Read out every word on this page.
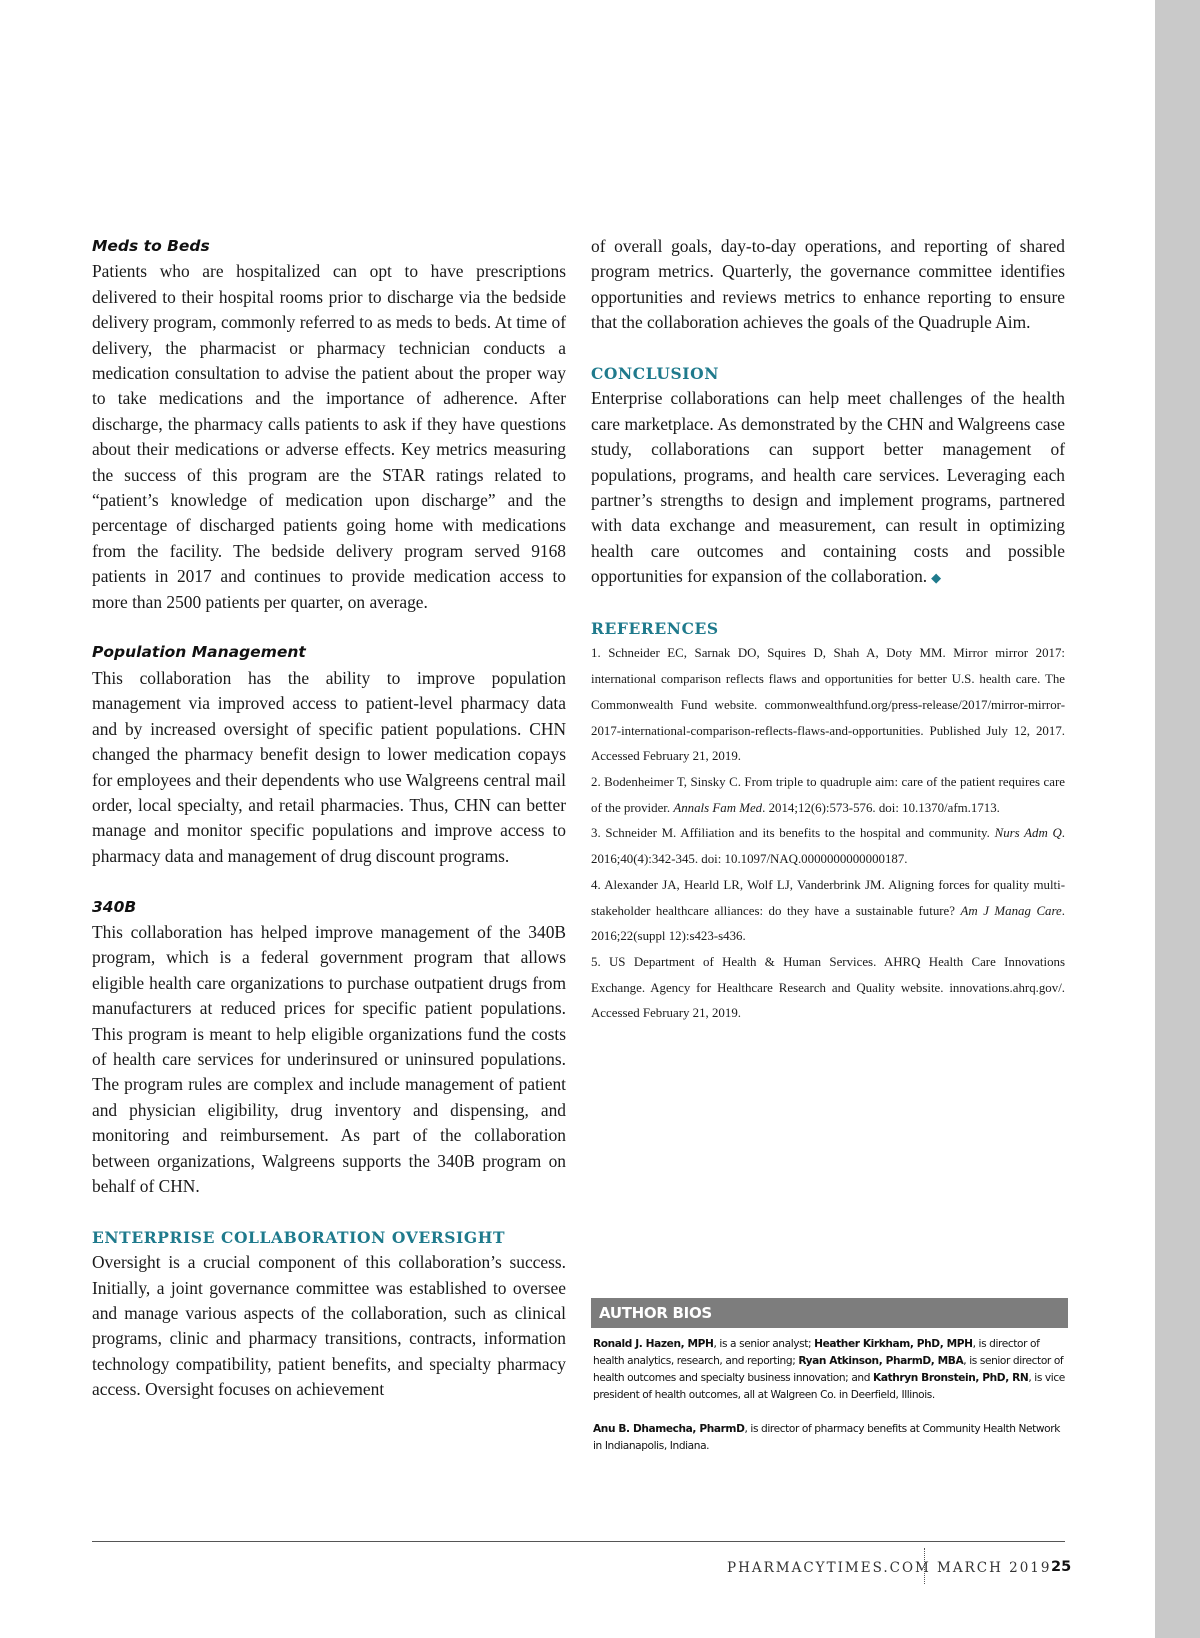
Meds to Beds

Patients who are hospitalized can opt to have prescriptions delivered to their hospital rooms prior to discharge via the bedside delivery program, commonly referred to as meds to beds. At time of delivery, the pharmacist or pharmacy technician conducts a medication consultation to advise the patient about the proper way to take medications and the importance of adherence. After discharge, the pharmacy calls patients to ask if they have questions about their medications or adverse effects. Key metrics measuring the success of this program are the STAR ratings related to “patient’s knowledge of medication upon discharge” and the percentage of discharged patients going home with medications from the facility. The bedside delivery program served 9168 patients in 2017 and continues to provide medication access to more than 2500 patients per quarter, on average.

Population Management

This collaboration has the ability to improve population management via improved access to patient-level pharmacy data and by increased oversight of specific patient populations. CHN changed the pharmacy benefit design to lower medication copays for employees and their dependents who use Walgreens central mail order, local specialty, and retail pharmacies. Thus, CHN can better manage and monitor specific populations and improve access to pharmacy data and management of drug discount programs.

340B

This collaboration has helped improve management of the 340B program, which is a federal government program that allows eligible health care organizations to purchase outpatient drugs from manufacturers at reduced prices for specific patient populations. This program is meant to help eligible organizations fund the costs of health care services for underinsured or uninsured populations. The program rules are complex and include management of patient and physician eligibility, drug inventory and dispensing, and monitoring and reimbursement. As part of the collaboration between organizations, Walgreens supports the 340B program on behalf of CHN.

ENTERPRISE COLLABORATION OVERSIGHT

Oversight is a crucial component of this collaboration’s success. Initially, a joint governance committee was established to oversee and manage various aspects of the collaboration, such as clinical programs, clinic and pharmacy transitions, contracts, information technology compatibility, patient benefits, and specialty pharmacy access. Oversight focuses on achievement

of overall goals, day-to-day operations, and reporting of shared program metrics. Quarterly, the governance committee identifies opportunities and reviews metrics to enhance reporting to ensure that the collaboration achieves the goals of the Quadruple Aim.

CONCLUSION

Enterprise collaborations can help meet challenges of the health care marketplace. As demonstrated by the CHN and Walgreens case study, collaborations can support better management of populations, programs, and health care services. Leveraging each partner’s strengths to design and implement programs, partnered with data exchange and measurement, can result in optimizing health care outcomes and containing costs and possible opportunities for expansion of the collaboration. ◆

REFERENCES

1. Schneider EC, Sarnak DO, Squires D, Shah A, Doty MM. Mirror mirror 2017: international comparison reflects flaws and opportunities for better U.S. health care. The Commonwealth Fund website. commonwealthfund.org/press-release/2017/mirror-mirror-2017-international-comparison-reflects-flaws-and-opportunities. Published July 12, 2017. Accessed February 21, 2019.

2. Bodenheimer T, Sinsky C. From triple to quadruple aim: care of the patient requires care of the provider. Annals Fam Med. 2014;12(6):573-576. doi: 10.1370/afm.1713.

3. Schneider M. Affiliation and its benefits to the hospital and community. Nurs Adm Q. 2016;40(4):342-345. doi: 10.1097/NAQ.0000000000000187.

4. Alexander JA, Hearld LR, Wolf LJ, Vanderbrink JM. Aligning forces for quality multi-stakeholder healthcare alliances: do they have a sustainable future? Am J Manag Care. 2016;22(suppl 12):s423-s436.

5. US Department of Health & Human Services. AHRQ Health Care Innovations Exchange. Agency for Healthcare Research and Quality website. innovations.ahrq.gov/. Accessed February 21, 2019.

AUTHOR BIOS

Ronald J. Hazen, MPH, is a senior analyst; Heather Kirkham, PhD, MPH, is director of health analytics, research, and reporting; Ryan Atkinson, PharmD, MBA, is senior director of health outcomes and specialty business innovation; and Kathryn Bronstein, PhD, RN, is vice president of health outcomes, all at Walgreen Co. in Deerfield, Illinois.

Anu B. Dhamecha, PharmD, is director of pharmacy benefits at Community Health Network in Indianapolis, Indiana.

PHARMACYTIMES.COM MARCH 2019 25
